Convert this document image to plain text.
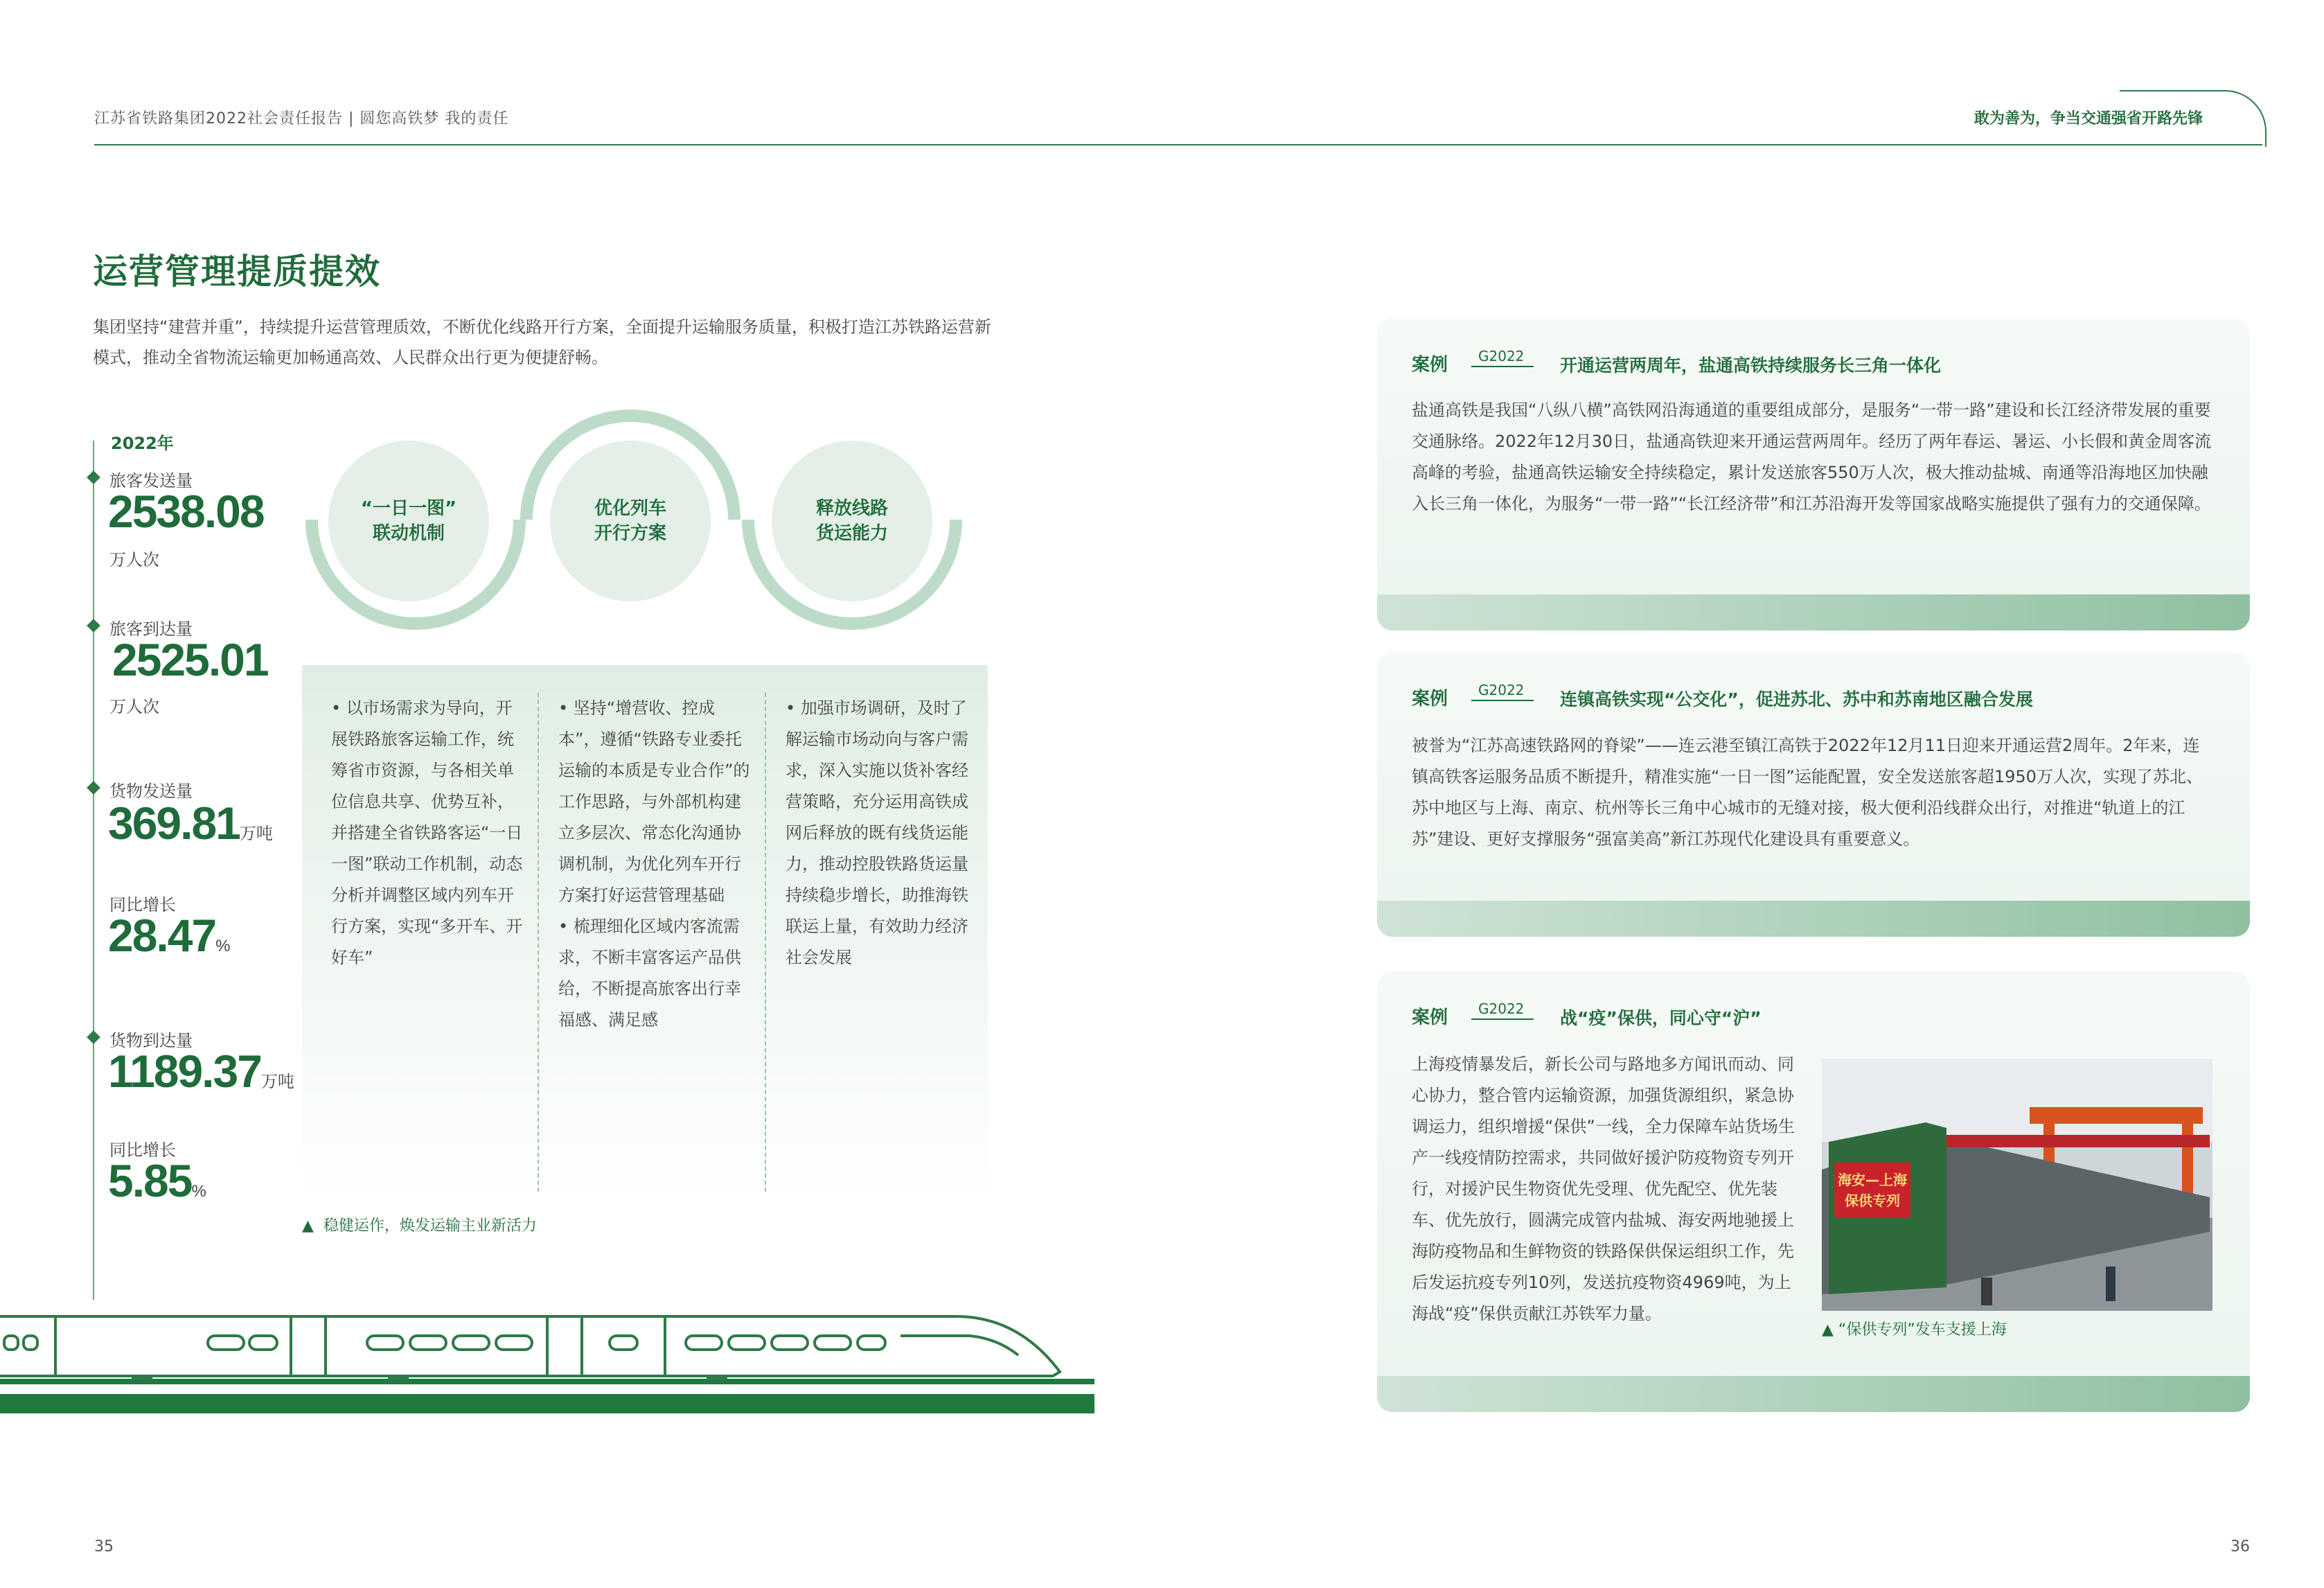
江苏省铁路集团2022社会责任报告 | 圆您高铁梦 我的责任	敢为善为，争当交通强省开路先锋
运营管理提质提效
集团坚持“建营并重”，持续提升运营管理质效，不断优化线路开行方案，全面提升运输服务质量，积极打造江苏铁路运营新模式，推动全省物流运输更加畅通高效、人民群众出行更为便捷舒畅。
2022年
旅客发送量
2538.08
万人次
旅客到达量
2525.01
万人次
货物发送量
369.81万吨
同比增长
28.47%
货物到达量
1189.37万吨
同比增长
5.85%
“一日一图”
联动机制
优化列车
开行方案
释放线路
货运能力

• 以市场需求为导向，开展铁路旅客运输工作，统筹省市资源，与各相关单位信息共享、优势互补，并搭建全省铁路客运“一日一图”联动工作机制，动态分析并调整区域内列车开行方案，实现“多开车、开好车”

• 坚持“增营收、控成本”，遵循“铁路专业委托运输的本质是专业合作”的工作思路，与外部机构建立多层次、常态化沟通协调机制，为优化列车开行方案打好运营管理基础

• 梳理细化区域内客流需求，不断丰富客运产品供给，不断提高旅客出行幸福感、满足感

• 加强市场调研，及时了解运输市场动向与客户需求，深入实施以货补客经营策略，充分运用高铁成网后释放的既有线货运能力，推动控股铁路货运量持续稳步增长，助推海铁联运上量，有效助力经济社会发展

▲ 稳健运作，焕发运输主业新活力
案例	G2022	开通运营两周年，盐通高铁持续服务长三角一体化
盐通高铁是我国“八纵八横”高铁网沿海通道的重要组成部分，是服务“一带一路”建设和长江经济带发展的重要交通脉络。2022年12月30日，盐通高铁迎来开通运营两周年。经历了两年春运、暑运、小长假和黄金周客流高峰的考验，盐通高铁运输安全持续稳定，累计发送旅客550万人次，极大推动盐城、南通等沿海地区加快融入长三角一体化，为服务“一带一路”“长江经济带”和江苏沿海开发等国家战略实施提供了强有力的交通保障。
案例	G2022	连镇高铁实现“公交化”，促进苏北、苏中和苏南地区融合发展
被誉为“江苏高速铁路网的脊梁”——连云港至镇江高铁于2022年12月11日迎来开通运营2周年。2年来，连镇高铁客运服务品质不断提升，精准实施“一日一图”运能配置，安全发送旅客超1950万人次，实现了苏北、苏中地区与上海、南京、杭州等长三角中心城市的无缝对接，极大便利沿线群众出行，对推进“轨道上的江苏”建设、更好支撑服务“强富美高”新江苏现代化建设具有重要意义。
案例	G2022	战“疫”保供，同心守“沪”
上海疫情暴发后，新长公司与路地多方闻讯而动、同心协力，整合管内运输资源，加强货源组织，紧急协调运力，组织增援“保供”一线，全力保障车站货场生产一线疫情防控需求，共同做好援沪防疫物资专列开行，对援沪民生物资优先受理、优先配空、优先装车、优先放行，圆满完成管内盐城、海安两地驰援上海防疫物品和生鲜物资的铁路保供保运组织工作，先后发运抗疫专列10列，发送抗疫物资4969吨，为上海战“疫”保供贡献江苏铁军力量。
海安—上海
保供专列
▲ “保供专列”发车支援上海
35	36
